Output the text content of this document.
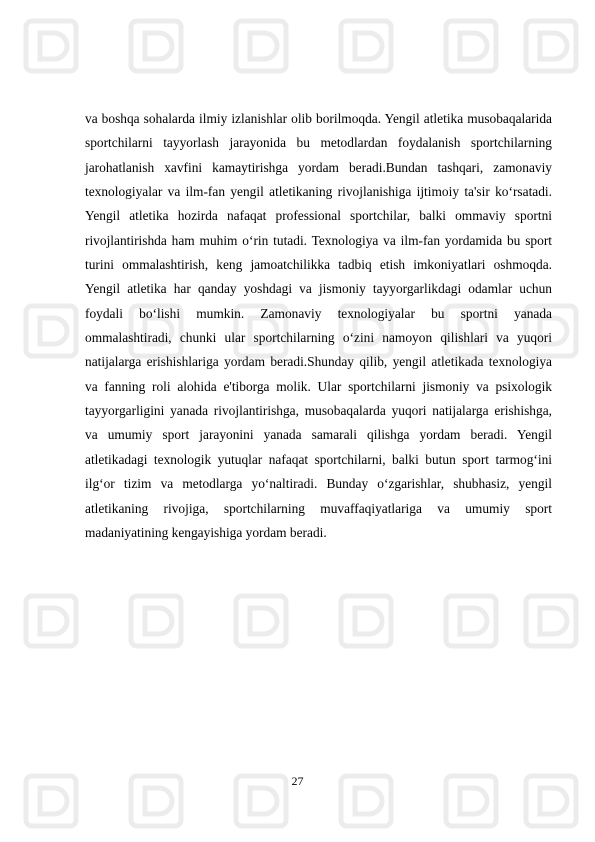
va boshqa sohalarda ilmiy izlanishlar olib borilmoqda. Yengil atletika musobaqalarida sportchilarni tayyorlash jarayonida bu metodlardan foydalanish sportchilarning jarohatlanish xavfini kamaytirishga yordam beradi.Bundan tashqari, zamonaviy texnologiyalar va ilm-fan yengil atletikaning rivojlanishiga ijtimoiy ta'sir ko‘rsatadi. Yengil atletika hozirda nafaqat professional sportchilar, balki ommaviy sportni rivojlantirishda ham muhim o‘rin tutadi. Texnologiya va ilm-fan yordamida bu sport turini ommalashtirish, keng jamoatchilikka tadbiq etish imkoniyatlari oshmoqda. Yengil atletika har qanday yoshdagi va jismoniy tayyorgarlikdagi odamlar uchun foydali bo‘lishi mumkin. Zamonaviy texnologiyalar bu sportni yanada ommalashtiradi, chunki ular sportchilarning o‘zini namoyon qilishlari va yuqori natijalarga erishishlariga yordam beradi.Shunday qilib, yengil atletikada texnologiya va fanning roli alohida e'tiborga molik. Ular sportchilarni jismoniy va psixologik tayyorgarligini yanada rivojlantirishga, musobaqalarda yuqori natijalarga erishishga, va umumiy sport jarayonini yanada samarali qilishga yordam beradi. Yengil atletikadagi texnologik yutuqlar nafaqat sportchilarni, balki butun sport tarmog‘ini ilg‘or tizim va metodlarga yo‘naltiradi. Bunday o‘zgarishlar, shubhasiz, yengil atletikaning rivojiga, sportchilarning muvaffaqiyatlariga va umumiy sport madaniyatining kengayishiga yordam beradi.

27
